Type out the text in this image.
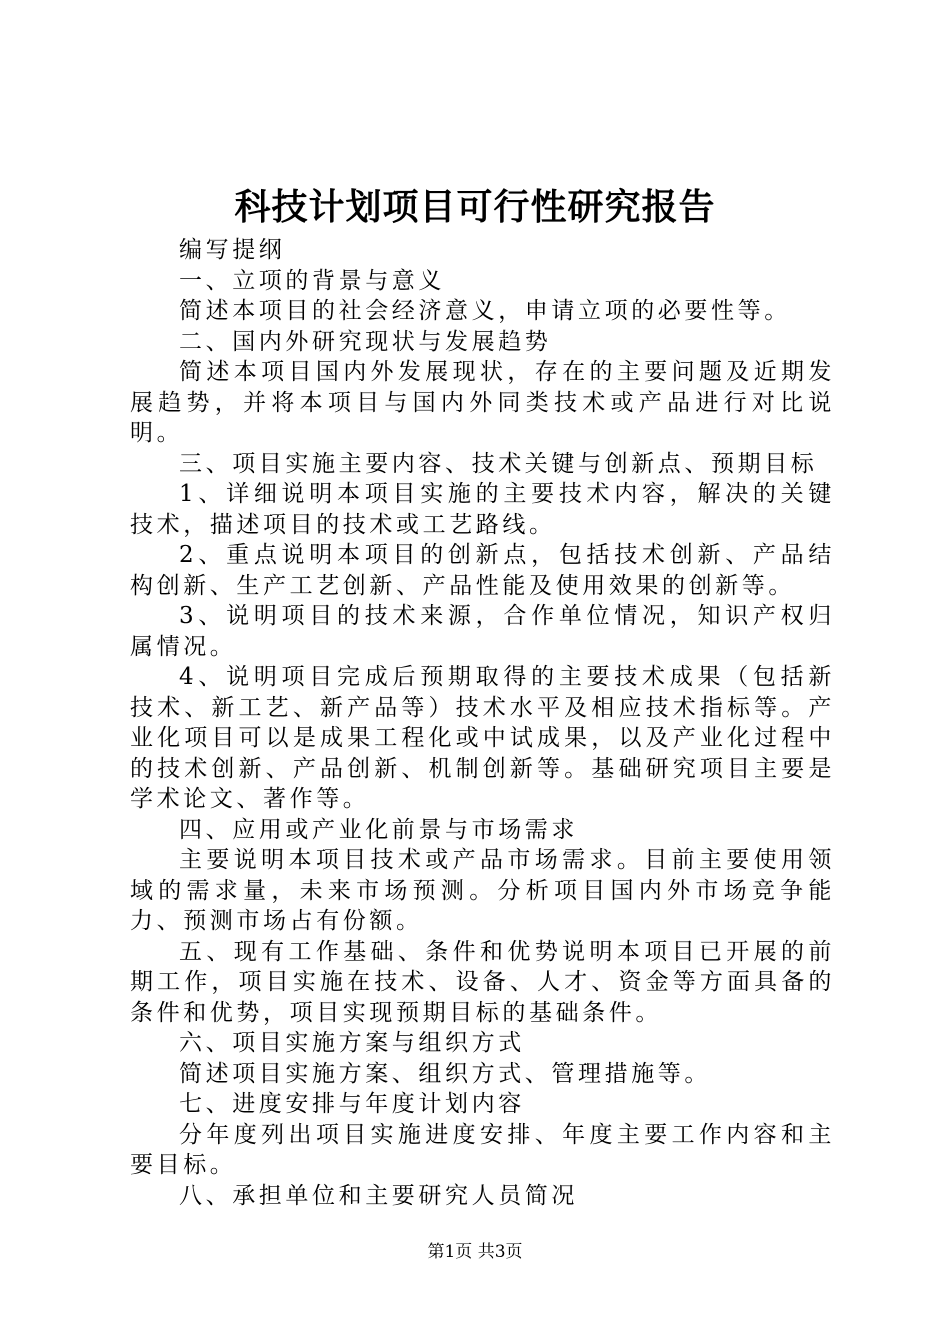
科技计划项目可行性研究报告

编写提纲

一、立项的背景与意义

简述本项目的社会经济意义，申请立项的必要性等。

二、国内外研究现状与发展趋势

简述本项目国内外发展现状，存在的主要问题及近期发展趋势，并将本项目与国内外同类技术或产品进行对比说明。

三、项目实施主要内容、技术关键与创新点、预期目标

1、详细说明本项目实施的主要技术内容，解决的关键技术，描述项目的技术或工艺路线。

2、重点说明本项目的创新点，包括技术创新、产品结构创新、生产工艺创新、产品性能及使用效果的创新等。

3、说明项目的技术来源，合作单位情况，知识产权归属情况。

4、说明项目完成后预期取得的主要技术成果（包括新技术、新工艺、新产品等）技术水平及相应技术指标等。产业化项目可以是成果工程化或中试成果，以及产业化过程中的技术创新、产品创新、机制创新等。基础研究项目主要是学术论文、著作等。

四、应用或产业化前景与市场需求

主要说明本项目技术或产品市场需求。目前主要使用领域的需求量，未来市场预测。分析项目国内外市场竞争能力、预测市场占有份额。

五、现有工作基础、条件和优势说明本项目已开展的前期工作，项目实施在技术、设备、人才、资金等方面具备的条件和优势，项目实现预期目标的基础条件。

六、项目实施方案与组织方式

简述项目实施方案、组织方式、管理措施等。

七、进度安排与年度计划内容

分年度列出项目实施进度安排、年度主要工作内容和主要目标。

八、承担单位和主要研究人员简况

第1页 共3页
